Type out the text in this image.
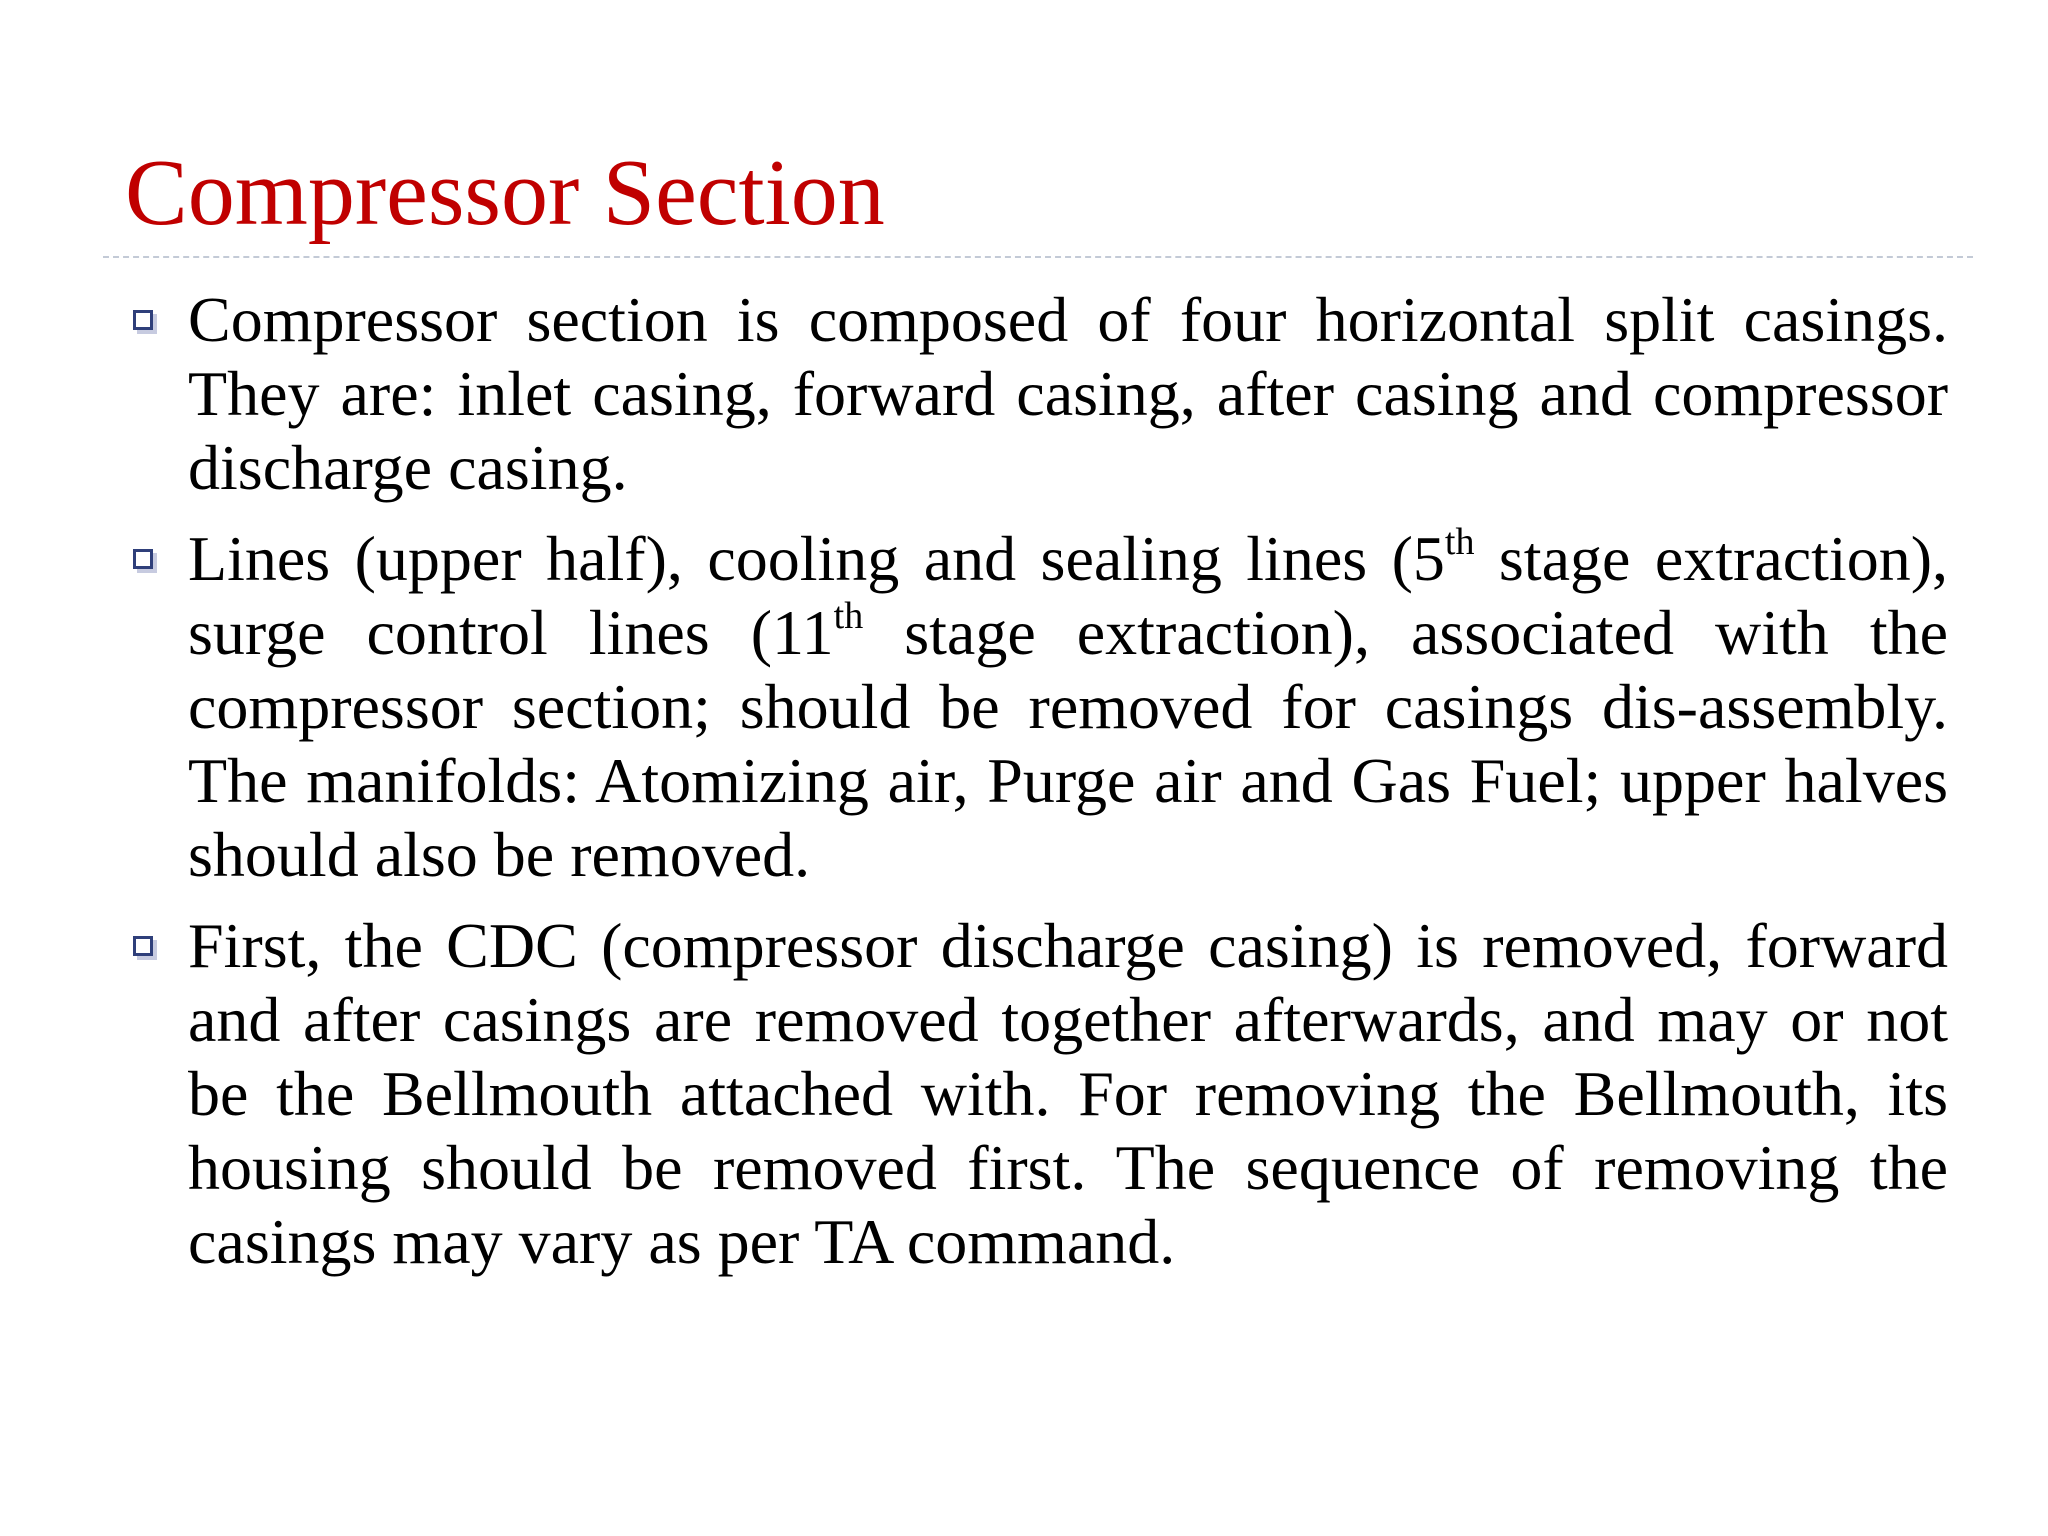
Compressor Section
Compressor section is composed of four horizontal split casings. They are: inlet casing, forward casing, after casing and compressor discharge casing.
Lines (upper half), cooling and sealing lines (5th stage extraction), surge control lines (11th stage extraction), associated with the compressor section; should be removed for casings dis-assembly. The manifolds: Atomizing air, Purge air and Gas Fuel; upper halves should also be removed.
First, the CDC (compressor discharge casing) is removed, forward and after casings are removed together afterwards, and may or not be the Bellmouth attached with. For removing the Bellmouth, its housing should be removed first. The sequence of removing the casings may vary as per TA command.
